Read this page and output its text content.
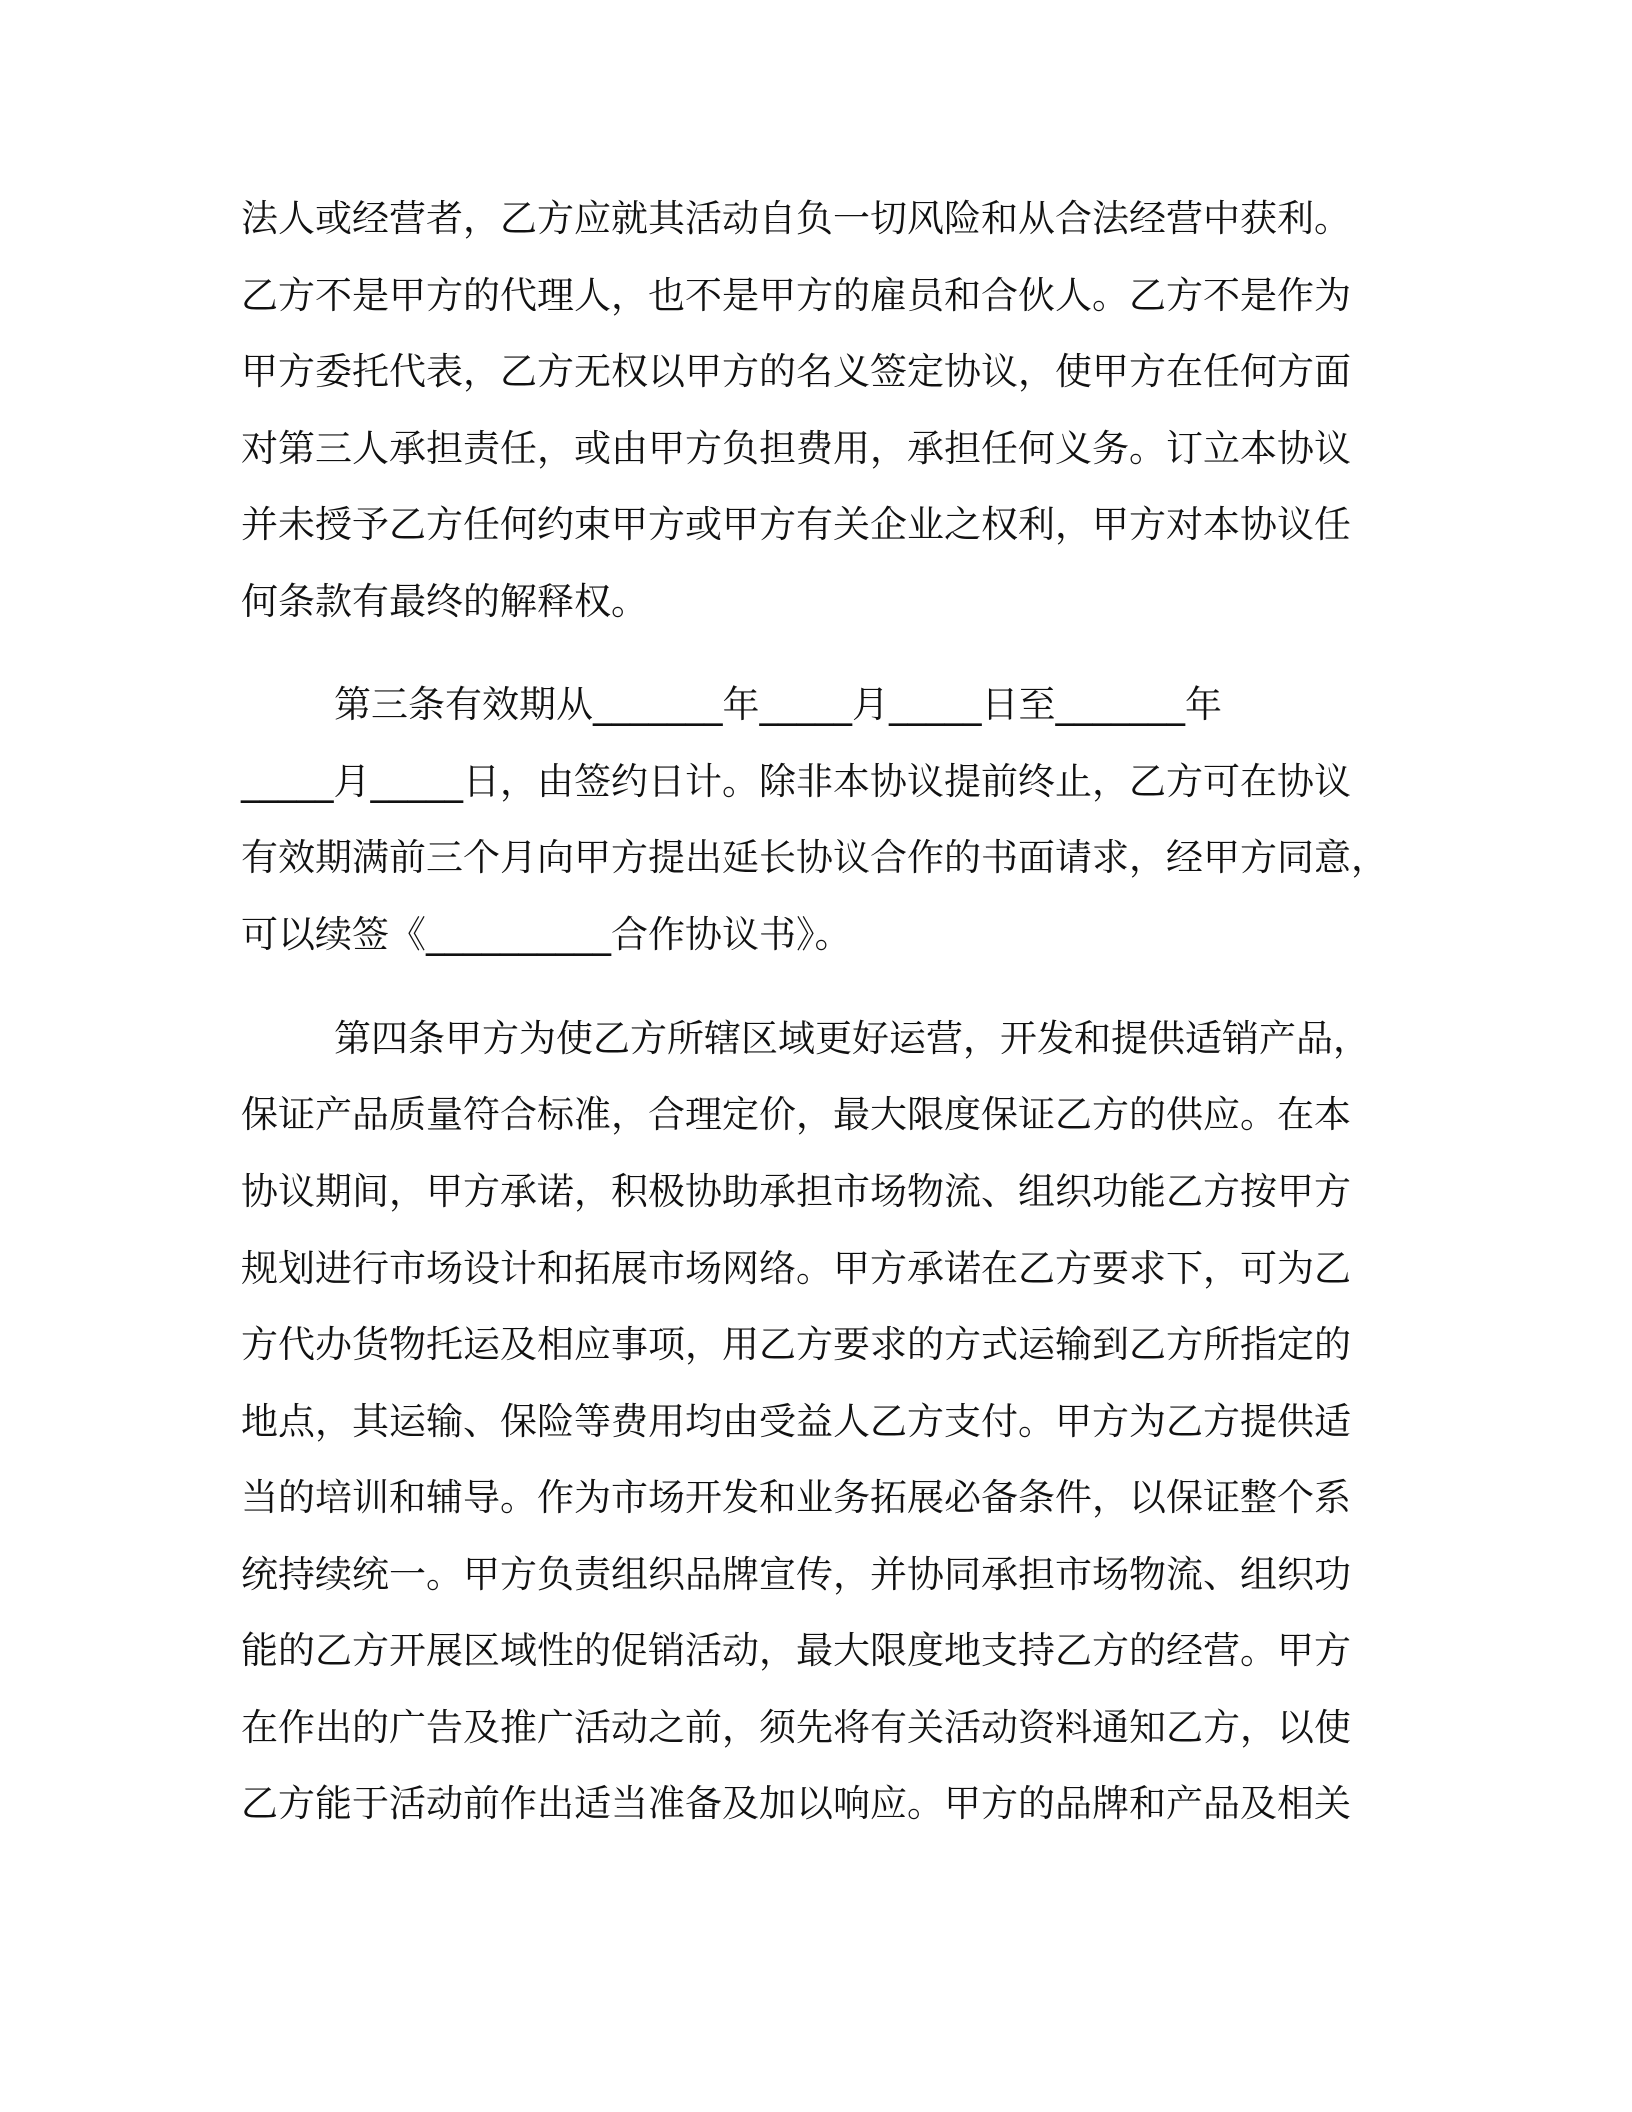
法人或经营者，乙方应就其活动自负一切风险和从合法经营中获利。
乙方不是甲方的代理人，也不是甲方的雇员和合伙人。乙方不是作为
甲方委托代表，乙方无权以甲方的名义签定协议，使甲方在任何方面
对第三人承担责任，或由甲方负担费用，承担任何义务。订立本协议
并未授予乙方任何约束甲方或甲方有关企业之权利，甲方对本协议任
何条款有最终的解释权。
第三条有效期从_______年_____月_____日至_______年
_____月_____日，由签约日计。除非本协议提前终止，乙方可在协议
有效期满前三个月向甲方提出延长协议合作的书面请求，经甲方同意，
可以续签《__________合作协议书》。
第四条甲方为使乙方所辖区域更好运营，开发和提供适销产品，
保证产品质量符合标准，合理定价，最大限度保证乙方的供应。在本
协议期间，甲方承诺，积极协助承担市场物流、组织功能乙方按甲方
规划进行市场设计和拓展市场网络。甲方承诺在乙方要求下，可为乙
方代办货物托运及相应事项，用乙方要求的方式运输到乙方所指定的
地点，其运输、保险等费用均由受益人乙方支付。甲方为乙方提供适
当的培训和辅导。作为市场开发和业务拓展必备条件，以保证整个系
统持续统一。甲方负责组织品牌宣传，并协同承担市场物流、组织功
能的乙方开展区域性的促销活动，最大限度地支持乙方的经营。甲方
在作出的广告及推广活动之前，须先将有关活动资料通知乙方，以使
乙方能于活动前作出适当准备及加以响应。甲方的品牌和产品及相关
